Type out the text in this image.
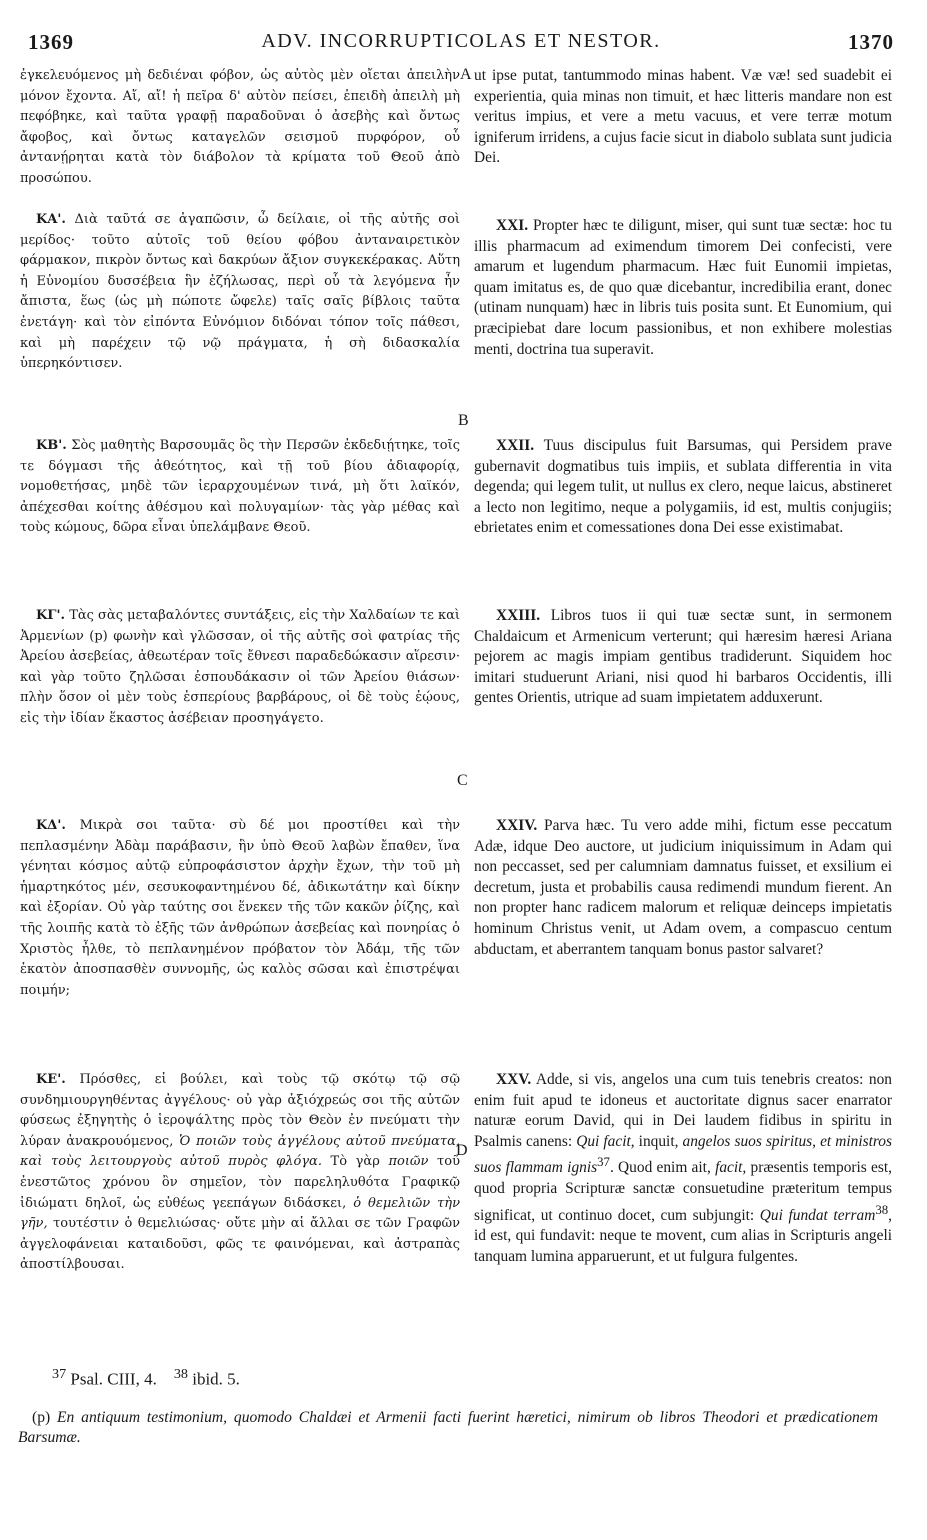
1369	ADV. INCORRUPTICOLAS ET NESTOR.	1370

ἐγκελευόμενος μὴ δεδιέναι φόβον, ὡς αὐτὸς μὲν οἴεται ἀπειλὴν μόνον ἔχοντα. Αἴ, αἴ! ἡ πεῖρα δ' αὐτὸν πείσει, ἐπειδὴ ἀπειλὴ μὴ πεφόβηκε, καὶ ταῦτα γραφῇ παραδοῦναι ὁ ἀσεβὴς καὶ ὄντως ἄφοβος, καὶ ὄντως καταγελῶν σεισμοῦ πυρφόρον, οὗ ἀντανῄρηται κατὰ τὸν διάβολον τὰ κρίματα τοῦ Θεοῦ ἀπὸ προσώπου.

ΚΑ'. Διὰ ταῦτά σε ἀγαπῶσιν, ὦ δείλαιε, οἱ τῆς αὐτῆς σοὶ μερίδος· τοῦτο αὐτοῖς τοῦ θείου φόβου ἀνταναιρετικὸν φάρμακον, πικρὸν ὄντως καὶ δακρύων ἄξιον συγκεκέρακας. Αὕτη ἡ Εὐνομίου δυσσέβεια ἣν ἐζήλωσας, περὶ οὗ τὰ λεγόμενα ἦν ἄπιστα, ἕως (ὡς μὴ πώποτε ὤφελε) ταῖς σαῖς βίβλοις ταῦτα ἐνετάγη· καὶ τὸν εἰπόντα Εὐνόμιον διδόναι τόπον τοῖς πάθεσι, καὶ μὴ παρέχειν τῷ νῷ πράγματα, ἡ σὴ διδασκαλία ὑπερηκόντισεν.

ΚΒ'. Σὸς μαθητὴς Βαρσουμᾶς ὃς τὴν Περσῶν ἐκδεδιῄτηκε, τοῖς τε δόγμασι τῆς ἀθεότητος, καὶ τῇ τοῦ βίου ἀδιαφορίᾳ, νομοθετήσας, μηδὲ τῶν ἱεραρχουμένων τινά, μὴ ὅτι λαϊκόν, ἀπέχεσθαι κοίτης ἀθέσμου καὶ πολυγαμίων· τὰς γὰρ μέθας καὶ τοὺς κώμους, δῶρα εἶναι ὑπελάμβανε Θεοῦ.

ΚΓ'. Τὰς σὰς μεταβαλόντες συντάξεις, εἰς τὴν Χαλδαίων τε καὶ Ἀρμενίων (p) φωνὴν καὶ γλῶσσαν, οἱ τῆς αὐτῆς σοὶ φατρίας τῆς Ἀρείου ἀσεβείας, ἀθεωτέραν τοῖς ἔθνεσι παραδεδώκασιν αἵρεσιν· καὶ γὰρ τοῦτο ζηλῶσαι ἐσπουδάκασιν οἱ τῶν Ἀρείου θιάσων· πλὴν ὅσον οἱ μὲν τοὺς ἑσπερίους βαρβάρους, οἱ δὲ τοὺς ἑῴους, εἰς τὴν ἰδίαν ἕκαστος ἀσέβειαν προσηγάγετο.

ΚΔ'. Μικρὰ σοι ταῦτα· σὺ δέ μοι προστίθει καὶ τὴν πεπλασμένην Ἀδὰμ παράβασιν, ἣν ὑπὸ Θεοῦ λαβὼν ἔπαθεν, ἵνα γένηται κόσμος αὐτῷ εὐπροφάσιστον ἀρχὴν ἔχων, τὴν τοῦ μὴ ἡμαρτηκότος μέν, σεσυκοφαντημένου δέ, ἀδικωτάτην καὶ δίκην καὶ ἐξορίαν. Οὐ γὰρ ταύτης σοι ἕνεκεν τῆς τῶν κακῶν ῥίζης, καὶ τῆς λοιπῆς κατὰ τὸ ἑξῆς τῶν ἀνθρώπων ἀσεβείας καὶ πονηρίας ὁ Χριστὸς ἦλθε, τὸ πεπλανημένον πρόβατον τὸν Ἀδάμ, τῆς τῶν ἑκατὸν ἀποσπασθὲν συννομῆς, ὡς καλὸς σῶσαι καὶ ἐπιστρέψαι ποιμήν;

ΚΕ'. Πρόσθες, εἰ βούλει, καὶ τοὺς τῷ σκότῳ τῷ σῷ συνδημιουργηθέντας ἀγγέλους· οὐ γὰρ ἀξιόχρεώς σοι τῆς αὐτῶν φύσεως ἐξηγητὴς ὁ ἱεροψάλτης πρὸς τὸν Θεὸν ἐν πνεύματι τὴν λύραν ἀνακρουόμενος, Ὁ ποιῶν τοὺς ἀγγέλους αὐτοῦ πνεύματα, καὶ τοὺς λειτουργοὺς αὐτοῦ πυρὸς φλόγα. Τὸ γὰρ ποιῶν τοῦ ἐνεστῶτος χρόνου ὂν σημεῖον, τὸν παρεληλυθότα Γραφικῷ ἰδιώματι δηλοῖ, ὡς εὐθέως γεεπάγων διδάσκει, ὁ θεμελιῶν τὴν γῆν, τουτέστιν ὁ θεμελιώσας· οὔτε μὴν αἱ ἄλλαι σε τῶν Γραφῶν ἀγγελοφάνειαι καταιδοῦσι, φῶς τε φαινόμεναι, καὶ ἀστραπὰς ἀποστίλβουσαι.

A
B
C
D

ut ipse putat, tantummodo minas habent. Væ væ! sed suadebit ei experientia, quia minas non timuit, et hæc litteris mandare non est veritus impius, et vere a metu vacuus, et vere terræ motum igniferum irridens, a cujus facie sicut in diabolo sublata sunt judicia Dei.

XXI. Propter hæc te diligunt, miser, qui sunt tuæ sectæ: hoc tu illis pharmacum ad eximendum timorem Dei confecisti, vere amarum et lugendum pharmacum. Hæc fuit Eunomii impietas, quam imitatus es, de quo quæ dicebantur, incredibilia erant, donec (utinam nunquam) hæc in libris tuis posita sunt. Et Eunomium, qui præcipiebat dare locum passionibus, et non exhibere molestias menti, doctrina tua superavit.

XXII. Tuus discipulus fuit Barsumas, qui Persidem prave gubernavit dogmatibus tuis impiis, et sublata differentia in vita degenda; qui legem tulit, ut nullus ex clero, neque laicus, abstineret a lecto non legitimo, neque a polygamiis, id est, multis conjugiis; ebrietates enim et comessationes dona Dei esse existimabat.

XXIII. Libros tuos ii qui tuæ sectæ sunt, in sermonem Chaldaicum et Armenicum verterunt; qui hæresim hæresi Ariana pejorem ac magis impiam gentibus tradiderunt. Siquidem hoc imitari studuerunt Ariani, nisi quod hi barbaros Occidentis, illi gentes Orientis, utrique ad suam impietatem adduxerunt.

XXIV. Parva hæc. Tu vero adde mihi, fictum esse peccatum Adæ, idque Deo auctore, ut judicium iniquissimum in Adam qui non peccasset, sed per calumniam damnatus fuisset, et exsilium ei decretum, justa et probabilis causa redimendi mundum fierent. An non propter hanc radicem malorum et reliquæ deinceps impietatis hominum Christus venit, ut Adam ovem, a compascuo centum abductam, et aberrantem tanquam bonus pastor salvaret?

XXV. Adde, si vis, angelos una cum tuis tenebris creatos: non enim fuit apud te idoneus et auctoritate dignus sacer enarrator naturæ eorum David, qui in Dei laudem fidibus in spiritu in Psalmis canens: Qui facit, inquit, angelos suos spiritus, et ministros suos flammam ignis$^{37}$. Quod enim ait, facit, præsentis temporis est, quod propria Scripturæ sanctæ consuetudine præteritum tempus significat, ut continuo docet, cum subjungit: Qui fundat terram$^{38}$, id est, qui fundavit: neque te movent, cum alias in Scripturis angeli tanquam lumina apparuerunt, et ut fulgura fulgentes.

$^{37}$ Psal. CIII, 4. $^{38}$ ibid. 5.
(p) En antiquum testimonium, quomodo Chaldæi et Armenii facti fuerint hæretici, nimirum ob libros Theodori et prædicationem Barsumæ.
